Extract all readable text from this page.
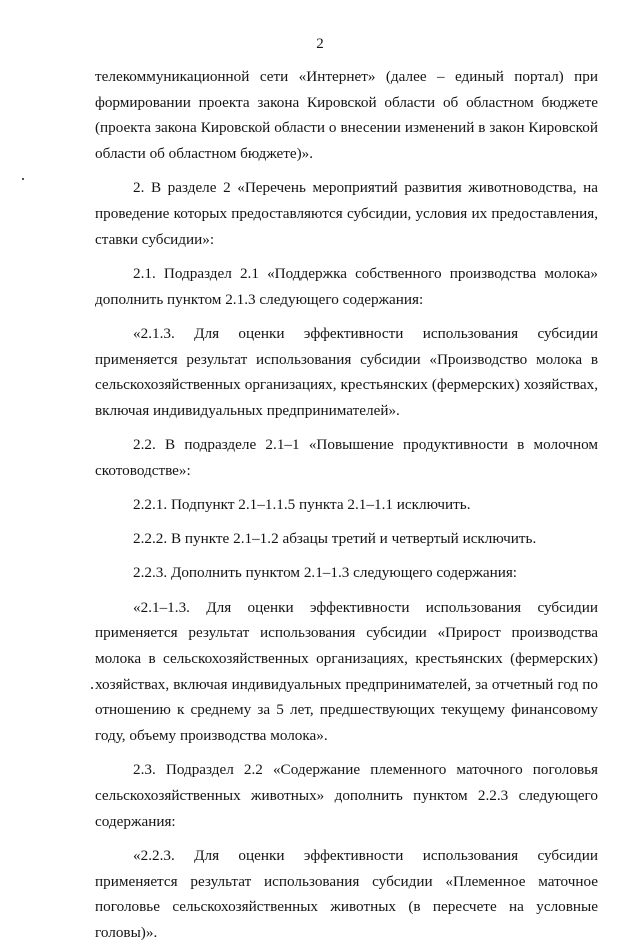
2

телекоммуникационной сети «Интернет» (далее – единый портал) при формировании проекта закона Кировской области об областном бюджете (проекта закона Кировской области о внесении изменений в закон Кировской области об областном бюджете)».

2. В разделе 2 «Перечень мероприятий развития животноводства, на проведение которых предоставляются субсидии, условия их предоставления, ставки субсидии»:

2.1. Подраздел 2.1 «Поддержка собственного производства молока» дополнить пунктом 2.1.3 следующего содержания:

«2.1.3. Для оценки эффективности использования субсидии применяется результат использования субсидии «Производство молока в сельскохозяйственных организациях, крестьянских (фермерских) хозяйствах, включая индивидуальных предпринимателей».

2.2. В подразделе 2.1–1 «Повышение продуктивности в молочном скотоводстве»:

2.2.1. Подпункт 2.1–1.1.5 пункта 2.1–1.1 исключить.

2.2.2. В пункте 2.1–1.2 абзацы третий и четвертый исключить.

2.2.3. Дополнить пунктом 2.1–1.3 следующего содержания:

«2.1–1.3. Для оценки эффективности использования субсидии применяется результат использования субсидии «Прирост производства молока в сельскохозяйственных организациях, крестьянских (фермерских) хозяйствах, включая индивидуальных предпринимателей, за отчетный год по отношению к среднему за 5 лет, предшествующих текущему финансовому году, объему производства молока».

2.3. Подраздел 2.2 «Содержание племенного маточного поголовья сельскохозяйственных животных» дополнить пунктом 2.2.3 следующего содержания:

«2.2.3. Для оценки эффективности использования субсидии применяется результат использования субсидии «Племенное маточное поголовье сельскохозяйственных животных (в пересчете на условные головы)».
